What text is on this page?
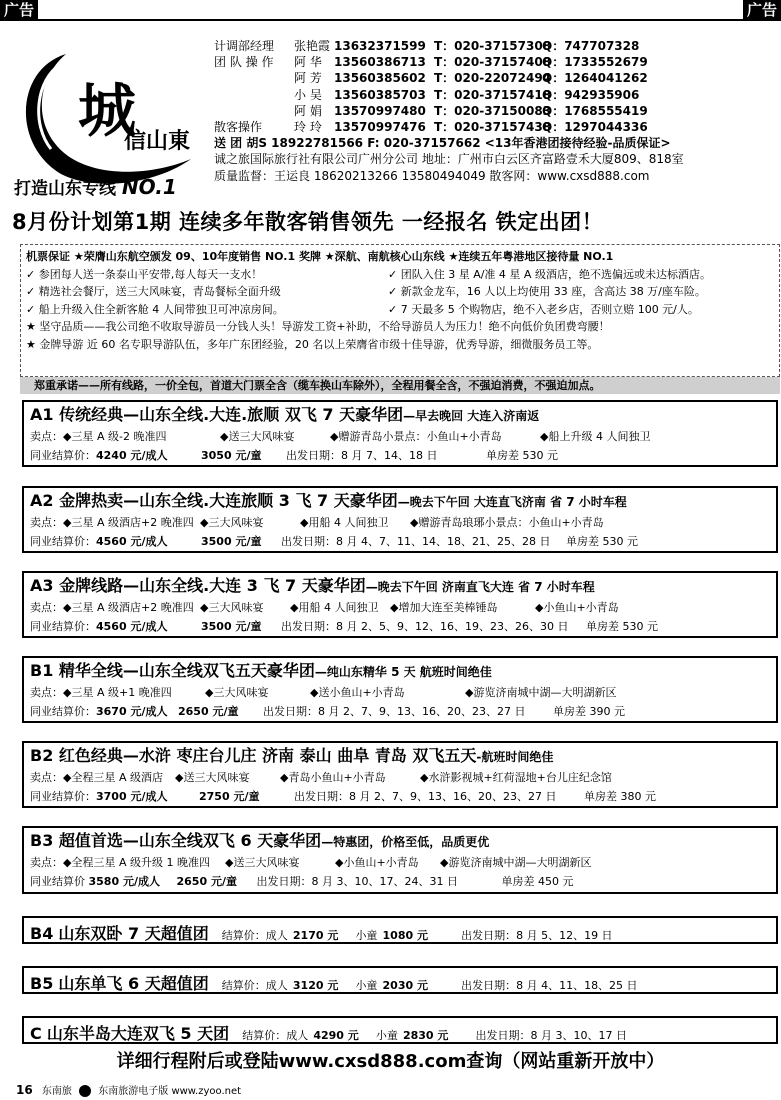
广告	广告
城
信山東
打造山东专线 NO.1
计调部经理 张艳霞 13632371599 T：020-37157308Q：747707328
团 队 操 作 阿 华 13560386713 T：020-37157408Q：1733552679
阿 芳 13560385602 T：020-22072494Q：1264041262
小 吴 13560385703 T：020-37157418Q：942935906
阿 娟 13570997480 T：020-37150083Q：1768555419
散客操作	玲 玲 13570997476 T：020-37157438Q：1297044336
送 团 胡S 18922781566 F: 020-37157662 <13年香港团接待经验-品质保证>
诚之旅国际旅行社有限公司广州分公司 地址：广州市白云区齐富路壹禾大厦809、818室
质量监督：王运良 18620213266 13580494049 散客网：www.cxsd888.com
8月份计划第1期 连续多年散客销售领先 一经报名 铁定出团！
机票保证 ★荣膺山东航空颁发 09、10年度销售 NO.1 奖牌 ★深航、南航核心山东线 ★连续五年粤港地区接待量 NO.1
✓ 参团每人送一条泰山平安带,每人每天一支水！	✓ 团队入住 3 星 A/准 4 星 A 级酒店，绝不选偏远或未达标酒店。
✓ 精选社会餐厅，送三大风味宴，青岛餐标全面升级	✓ 新款金龙车，16 人以上均使用 33 座，含高达 38 万/座车险。
✓ 船上升级入住全新客舱 4 人间带独卫可冲凉房间。	✓ 7 天最多 5 个购物店，绝不入老乡店，否则立赔 100 元/人。
★ 坚守品质——我公司绝不收取导游员一分钱人头！导游发工资+补助，不给导游员人为压力！绝不向低价负团费弯腰！
★ 金牌导游 近 60 名专职导游队伍，多年广东团经验，20 名以上荣膺省市级十佳导游，优秀导游，细微服务员工等。
郑重承诺——所有线路，一价全包，首道大门票全含（缆车换山车除外），全程用餐全含，不强迫消费，不强迫加点。
A1 传统经典—山东全线.大连.旅顺 双飞 7 天豪华团—早去晚回 大连入济南返
卖点：◆三星 A 级-2 晚准四	◆送三大风味宴	◆赠游青岛小景点：小鱼山+小青岛	◆船上升级 4 人间独卫
同业结算价：4240 元/成人	3050 元/童 出发日期：8 月 7、14、18 日	单房差 530 元
A2 金牌热卖—山东全线.大连旅顺 3 飞 7 天豪华团—晚去下午回 大连直飞济南 省 7 小时车程
卖点：◆三星 A 级酒店+2 晚准四 ◆三大风味宴	◆用船 4 人间独卫 ◆赠游青岛琅琊小景点：小鱼山+小青岛
同业结算价：4560 元/成人	3500 元/童 出发日期：8 月 4、7、11、14、18、21、25、28 日 单房差 530 元
A3 金牌线路—山东全线.大连 3 飞 7 天豪华团—晚去下午回 济南直飞大连 省 7 小时车程
卖点：◆三星 A 级酒店+2 晚准四 ◆三大风味宴 ◆用船 4 人间独卫 ◆增加大连至美棒锤岛	◆小鱼山+小青岛
同业结算价：4560 元/成人	3500 元/童 出发日期：8 月 2、5、9、12、16、19、23、26、30 日 单房差 530 元
B1 精华全线—山东全线双飞五天豪华团—纯山东精华 5 天 航班时间绝佳
卖点：◆三星 A 级+1 晚准四	◆三大风味宴	◆送小鱼山+小青岛	◆游览济南城中湖—大明湖新区
同业结算价：3670 元/成人 2650 元/童 出发日期：8 月 2、7、9、13、16、20、23、27 日	单房差 390 元
B2 红色经典—水浒 枣庄台儿庄 济南 泰山 曲阜 青岛 双飞五天-航班时间绝佳
卖点：◆全程三星 A 级酒店 ◆送三大风味宴	◆青岛小鱼山+小青岛	◆水浒影视城+红荷湿地+台儿庄纪念馆
同业结算价：3700 元/成人	2750 元/童	出发日期：8 月 2、7、9、13、16、20、23、27 日	单房差 380 元
B3 超值首选—山东全线双飞 6 天豪华团—特惠团，价格至低，品质更优
卖点：◆全程三星 A 级升级 1 晚准四 ◆送三大风味宴	◆小鱼山+小青岛 ◆游览济南城中湖—大明湖新区
同业结算价 3580 元/成人 2650 元/童 出发日期：8 月 3、10、17、24、31 日	单房差 450 元
B4 山东双卧 7 天超值团 结算价：成人 2170 元 小童 1080 元	出发日期：8 月 5、12、19 日
B5 山东单飞 6 天超值团 结算价：成人 3120 元 小童 2030 元	出发日期：8 月 4、11、18、25 日
C 山东半岛大连双飞 5 天团 结算价：成人 4290 元 小童 2830 元 出发日期：8 月 3、10、17 日
详细行程附后或登陆www.cxsd888.com查询（网站重新开放中）
16 东南旅	东南旅游电子版 www.zyoo.net
